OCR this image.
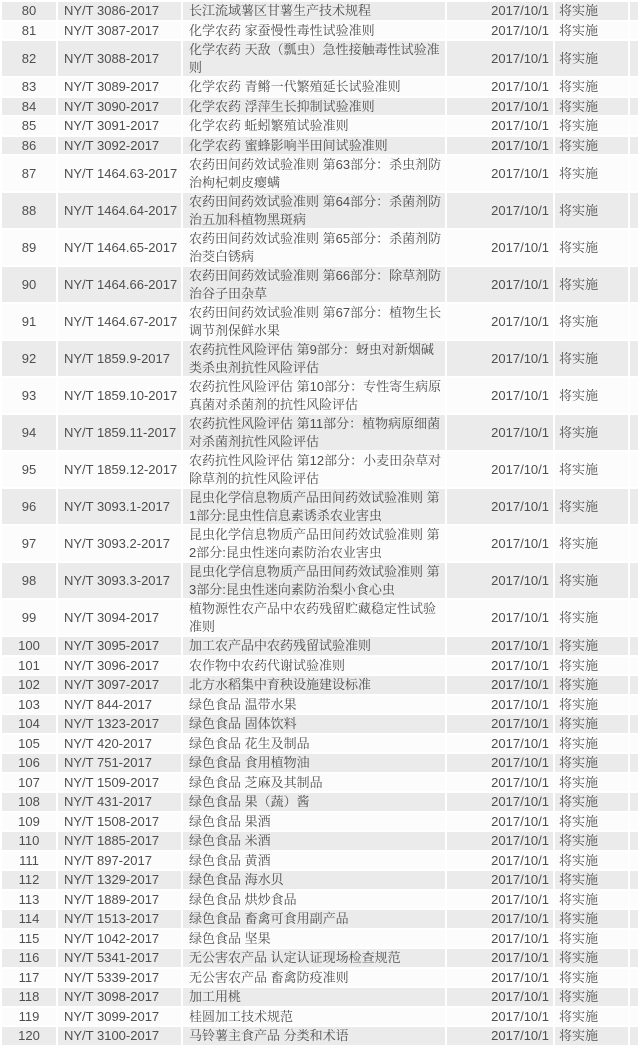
80	NY/T 3086-2017	长江流域薯区甘薯生产技术规程	2017/10/1	将实施	
81	NY/T 3087-2017	化学农药 家蚕慢性毒性试验准则	2017/10/1	将实施	
82	NY/T 3088-2017	化学农药 天敌（瓢虫）急性接触毒性试验准则	2017/10/1	将实施	
83	NY/T 3089-2017	化学农药 青鳉一代繁殖延长试验准则	2017/10/1	将实施	
84	NY/T 3090-2017	化学农药 浮萍生长抑制试验准则	2017/10/1	将实施	
85	NY/T 3091-2017	化学农药 蚯蚓繁殖试验准则	2017/10/1	将实施	
86	NY/T 3092-2017	化学农药 蜜蜂影响半田间试验准则	2017/10/1	将实施	
87	NY/T 1464.63-2017	农药田间药效试验准则 第63部分：杀虫剂防治枸杞刺皮瘿螨	2017/10/1	将实施	
88	NY/T 1464.64-2017	农药田间药效试验准则 第64部分：杀菌剂防治五加科植物黑斑病	2017/10/1	将实施	
89	NY/T 1464.65-2017	农药田间药效试验准则 第65部分：杀菌剂防治茭白锈病	2017/10/1	将实施	
90	NY/T 1464.66-2017	农药田间药效试验准则 第66部分：除草剂防治谷子田杂草	2017/10/1	将实施	
91	NY/T 1464.67-2017	农药田间药效试验准则 第67部分：植物生长调节剂保鲜水果	2017/10/1	将实施	
92	NY/T 1859.9-2017	农药抗性风险评估 第9部分：蚜虫对新烟碱类杀虫剂抗性风险评估	2017/10/1	将实施	
93	NY/T 1859.10-2017	农药抗性风险评估 第10部分：专性寄生病原真菌对杀菌剂的抗性风险评估	2017/10/1	将实施	
94	NY/T 1859.11-2017	农药抗性风险评估 第11部分：植物病原细菌对杀菌剂抗性风险评估	2017/10/1	将实施	
95	NY/T 1859.12-2017	农药抗性风险评估 第12部分：小麦田杂草对除草剂的抗性风险评估	2017/10/1	将实施	
96	NY/T 3093.1-2017	昆虫化学信息物质产品田间药效试验准则 第1部分:昆虫性信息素诱杀农业害虫	2017/10/1	将实施	
97	NY/T 3093.2-2017	昆虫化学信息物质产品田间药效试验准则 第2部分:昆虫性迷向素防治农业害虫	2017/10/1	将实施	
98	NY/T 3093.3-2017	昆虫化学信息物质产品田间药效试验准则 第3部分:昆虫性迷向素防治梨小食心虫	2017/10/1	将实施	
99	NY/T 3094-2017	植物源性农产品中农药残留贮藏稳定性试验准则	2017/10/1	将实施	
100	NY/T 3095-2017	加工农产品中农药残留试验准则	2017/10/1	将实施	
101	NY/T 3096-2017	农作物中农药代谢试验准则	2017/10/1	将实施	
102	NY/T 3097-2017	北方水稻集中育秧设施建设标准	2017/10/1	将实施	
103	NY/T 844-2017	绿色食品 温带水果	2017/10/1	将实施	
104	NY/T 1323-2017	绿色食品 固体饮料	2017/10/1	将实施	
105	NY/T 420-2017	绿色食品 花生及制品	2017/10/1	将实施	
106	NY/T 751-2017	绿色食品 食用植物油	2017/10/1	将实施	
107	NY/T 1509-2017	绿色食品 芝麻及其制品	2017/10/1	将实施	
108	NY/T 431-2017	绿色食品 果（蔬）酱	2017/10/1	将实施	
109	NY/T 1508-2017	绿色食品 果酒	2017/10/1	将实施	
110	NY/T 1885-2017	绿色食品 米酒	2017/10/1	将实施	
111	NY/T 897-2017	绿色食品 黄酒	2017/10/1	将实施	
112	NY/T 1329-2017	绿色食品 海水贝	2017/10/1	将实施	
113	NY/T 1889-2017	绿色食品 烘炒食品	2017/10/1	将实施	
114	NY/T 1513-2017	绿色食品 畜禽可食用副产品	2017/10/1	将实施	
115	NY/T 1042-2017	绿色食品 坚果	2017/10/1	将实施	
116	NY/T 5341-2017	无公害农产品 认定认证现场检查规范	2017/10/1	将实施	
117	NY/T 5339-2017	无公害农产品 畜禽防疫准则	2017/10/1	将实施	
118	NY/T 3098-2017	加工用桃	2017/10/1	将实施	
119	NY/T 3099-2017	桂圆加工技术规范	2017/10/1	将实施	
120	NY/T 3100-2017	马铃薯主食产品 分类和术语	2017/10/1	将实施	
